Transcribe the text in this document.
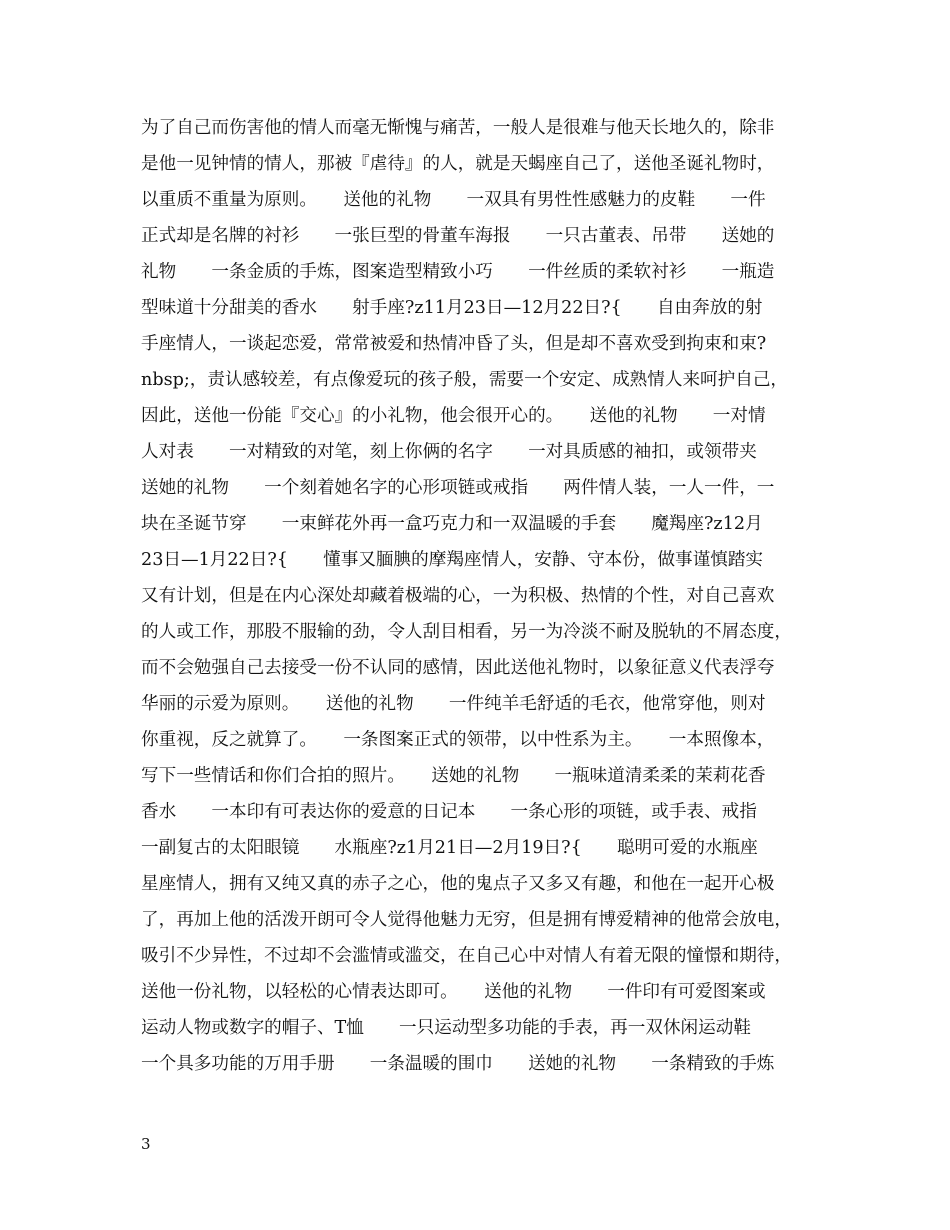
为了自己而伤害他的情人而毫无惭愧与痛苦，一般人是很难与他天长地久的，除非
是他一见钟情的情人，那被『虐待』的人，就是天蝎座自己了，送他圣诞礼物时，
以重质不重量为原则。　　送他的礼物　　一双具有男性性感魅力的皮鞋　　一件
正式却是名牌的衬衫　　一张巨型的骨董车海报　　一只古董表、吊带　　送她的
礼物　　一条金质的手炼，图案造型精致小巧　　一件丝质的柔软衬衫　　一瓶造
型味道十分甜美的香水　　射手座?z11月23日—12月22日?{　　自由奔放的射
手座情人，一谈起恋爱，常常被爱和热情冲昏了头，但是却不喜欢受到拘束和束?
nbsp;，责认感较差，有点像爱玩的孩子般，需要一个安定、成熟情人来呵护自己，
因此，送他一份能『交心』的小礼物，他会很开心的。　　送他的礼物　　一对情
人对表　　一对精致的对笔，刻上你俩的名字　　一对具质感的袖扣，或领带夹　　
送她的礼物　　一个刻着她名字的心形项链或戒指　　两件情人装，一人一件，一
块在圣诞节穿　　一束鲜花外再一盒巧克力和一双温暖的手套　　魔羯座?z12月
23日—1月22日?{　　懂事又腼腆的摩羯座情人，安静、守本份，做事谨慎踏实
又有计划，但是在内心深处却藏着极端的心，一为积极、热情的个性，对自己喜欢
的人或工作，那股不服输的劲，令人刮目相看，另一为冷淡不耐及脱轨的不屑态度，
而不会勉强自己去接受一份不认同的感情，因此送他礼物时，以象征意义代表浮夸
华丽的示爱为原则。　　送他的礼物　　一件纯羊毛舒适的毛衣，他常穿他，则对
你重视，反之就算了。　　一条图案正式的领带，以中性系为主。　　一本照像本，
写下一些情话和你们合拍的照片。　　送她的礼物　　一瓶味道清柔柔的茉莉花香
香水　　一本印有可表达你的爱意的日记本　　一条心形的项链，或手表、戒指　　
一副复古的太阳眼镜　　水瓶座?z1月21日—2月19日?{　　聪明可爱的水瓶座
星座情人，拥有又纯又真的赤子之心，他的鬼点子又多又有趣，和他在一起开心极
了，再加上他的活泼开朗可令人觉得他魅力无穷，但是拥有博爱精神的他常会放电，
吸引不少异性，不过却不会滥情或滥交，在自己心中对情人有着无限的憧憬和期待，
送他一份礼物，以轻松的心情表达即可。　　送他的礼物　　一件印有可爱图案或
运动人物或数字的帽子、T恤　　一只运动型多功能的手表，再一双休闲运动鞋　　
一个具多功能的万用手册　　一条温暖的围巾　　送她的礼物　　一条精致的手炼
3
